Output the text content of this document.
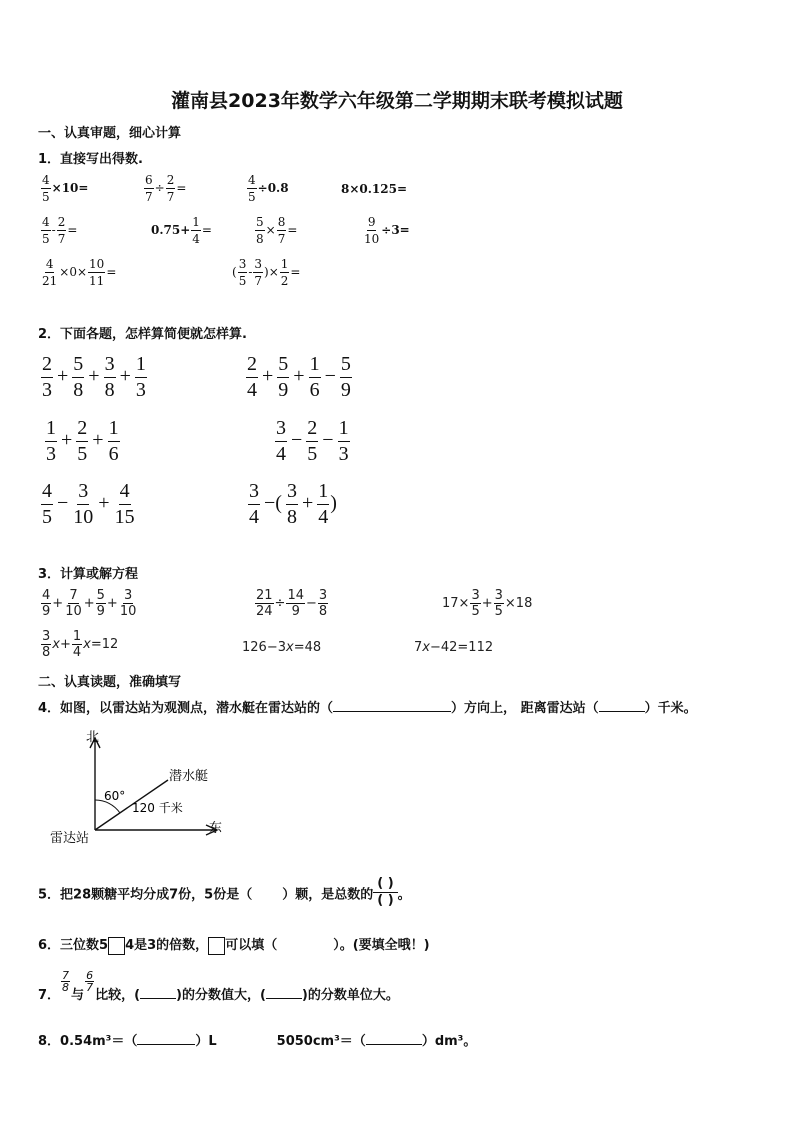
灌南县2023年数学六年级第二学期期末联考模拟试题
一、认真审题，细心计算
1．直接写出得数.
$\frac{4}{5} \times 10=$	$\frac{6}{7} \div \frac{2}{7}$ =	$\frac{4}{5} \div 0.8$	8×0.125=
$\frac{4}{5} - \frac{2}{7}$ =	$0.75+ \frac{1}{4}$ =	$\frac{5}{8} \times \frac{8}{7}$ =	$\frac{9}{10} \div 3=$
$\frac{4}{21} \times 0\times \frac{10}{11}$ =	( $\frac{3}{5} - \frac{3}{7}$ )× $\frac{1}{2}$ =
2．下面各题，怎样算简便就怎样算.
$\frac{2}{3} + \frac{5}{8} + \frac{3}{8} + \frac{1}{3}$	$\frac{2}{4} + \frac{5}{9} + \frac{1}{6} - \frac{5}{9}$
$\frac{1}{3} + \frac{2}{5} + \frac{1}{6}$	$\frac{3}{4} - \frac{2}{5} - \frac{1}{3}$
$\frac{4}{5} - \frac{3}{10} + \frac{4}{15}$	$\frac{3}{4}$ −( $\frac{3}{8} + \frac{1}{4}$ )
3．计算或解方程
$\frac{4}{9} + \frac{7}{10} + \frac{5}{9} + \frac{3}{10}$	$\frac{21}{24} \div \frac{14}{9} - \frac{3}{8}$	$17\times \frac{3}{5} + \frac{3}{5} \times 18$
$\frac{3}{8} x+ \frac{1}{4} x=12$	126−3x=48	7x−42=112
二、认真读题，准确填写
4．如图，以雷达站为观测点，潜水艇在雷达站的（	）方向上， 距离雷达站（	）千米。
北
东
雷达站
潜水艇
60°
120 千米
5．把28颗糖平均分成7份，5份是（ ）颗，是总数的 $\frac{( )}{( )}$ 。
6．三位数5 4是3的倍数， 可以填（	）。(要填全哦！)
7．
$\frac{7}{8}$
与
$\frac{6}{7}$
比较，(	)的分数值大，(	)的分数单位大。
8．0.54m³＝（	）L	5050cm³＝（	）dm³。
